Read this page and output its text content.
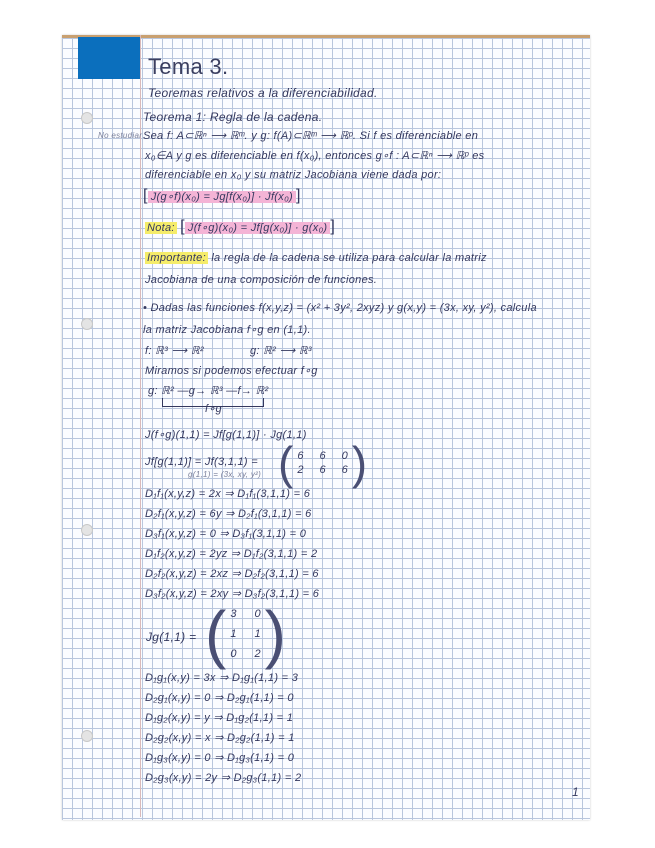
Tema 3.
Teoremas relativos a la diferenciabilidad.
Teorema 1: Regla de la cadena.
No estudiar Sea f: A⊂ℝⁿ ⟶ ℝᵐ. y g: f(A)⊂ℝᵐ ⟶ ℝᵖ. Si f es diferenciable en
x₀∈A y g es diferenciable en f(x₀), entonces g∘f : A⊂ℝⁿ ⟶ ℝᵖ es
diferenciable en x₀ y su matriz Jacobiana viene dada por:
[ J(g∘f)(x₀) = Jg[f(x₀)] · Jf(x₀) ]
Nota: [ J(f∘g)(x₀) = Jf[g(x₀)] · g(x₀) ]
Importante: la regla de la cadena se utiliza para calcular la matriz
Jacobiana de una composición de funciones.
• Dadas las funciones f(x,y,z) = (x² + 3y², 2xyz) y g(x,y) = (3x, xy, y²), calcula
la matriz Jacobiana f∘g en (1,1).
f: ℝ³ ⟶ ℝ²	g: ℝ² ⟶ ℝ³
Miramos si podemos efectuar f∘g
g: ℝ² —g→ ℝ³ —f→ ℝ²
f∘g
J(f∘g)(1,1) = Jf[g(1,1)] · Jg(1,1)
Jf[g(1,1)] = Jf(3,1,1) =
g(1,1) = (3x, xy, y²) ( 6 6 0
2 6 6 )
D₁f₁(x,y,z) = 2x ⇒ D₁f₁(3,1,1) = 6
D₂f₁(x,y,z) = 6y ⇒ D₂f₁(3,1,1) = 6
D₃f₁(x,y,z) = 0 ⇒ D₃f₁(3,1,1) = 0
D₁f₂(x,y,z) = 2yz ⇒ D₁f₂(3,1,1) = 2
D₂f₂(x,y,z) = 2xz ⇒ D₂f₂(3,1,1) = 6
D₃f₂(x,y,z) = 2xy ⇒ D₃f₂(3,1,1) = 6
Jg(1,1) = ( 3 0
1 1
0 2 )
D₁g₁(x,y) = 3x ⇒ D₁g₁(1,1) = 3
D₂g₁(x,y) = 0 ⇒ D₂g₁(1,1) = 0
D₁g₂(x,y) = y ⇒ D₁g₂(1,1) = 1
D₂g₂(x,y) = x ⇒ D₂g₂(1,1) = 1
D₁g₃(x,y) = 0 ⇒ D₁g₃(1,1) = 0
D₂g₃(x,y) = 2y ⇒ D₂g₃(1,1) = 2
1
